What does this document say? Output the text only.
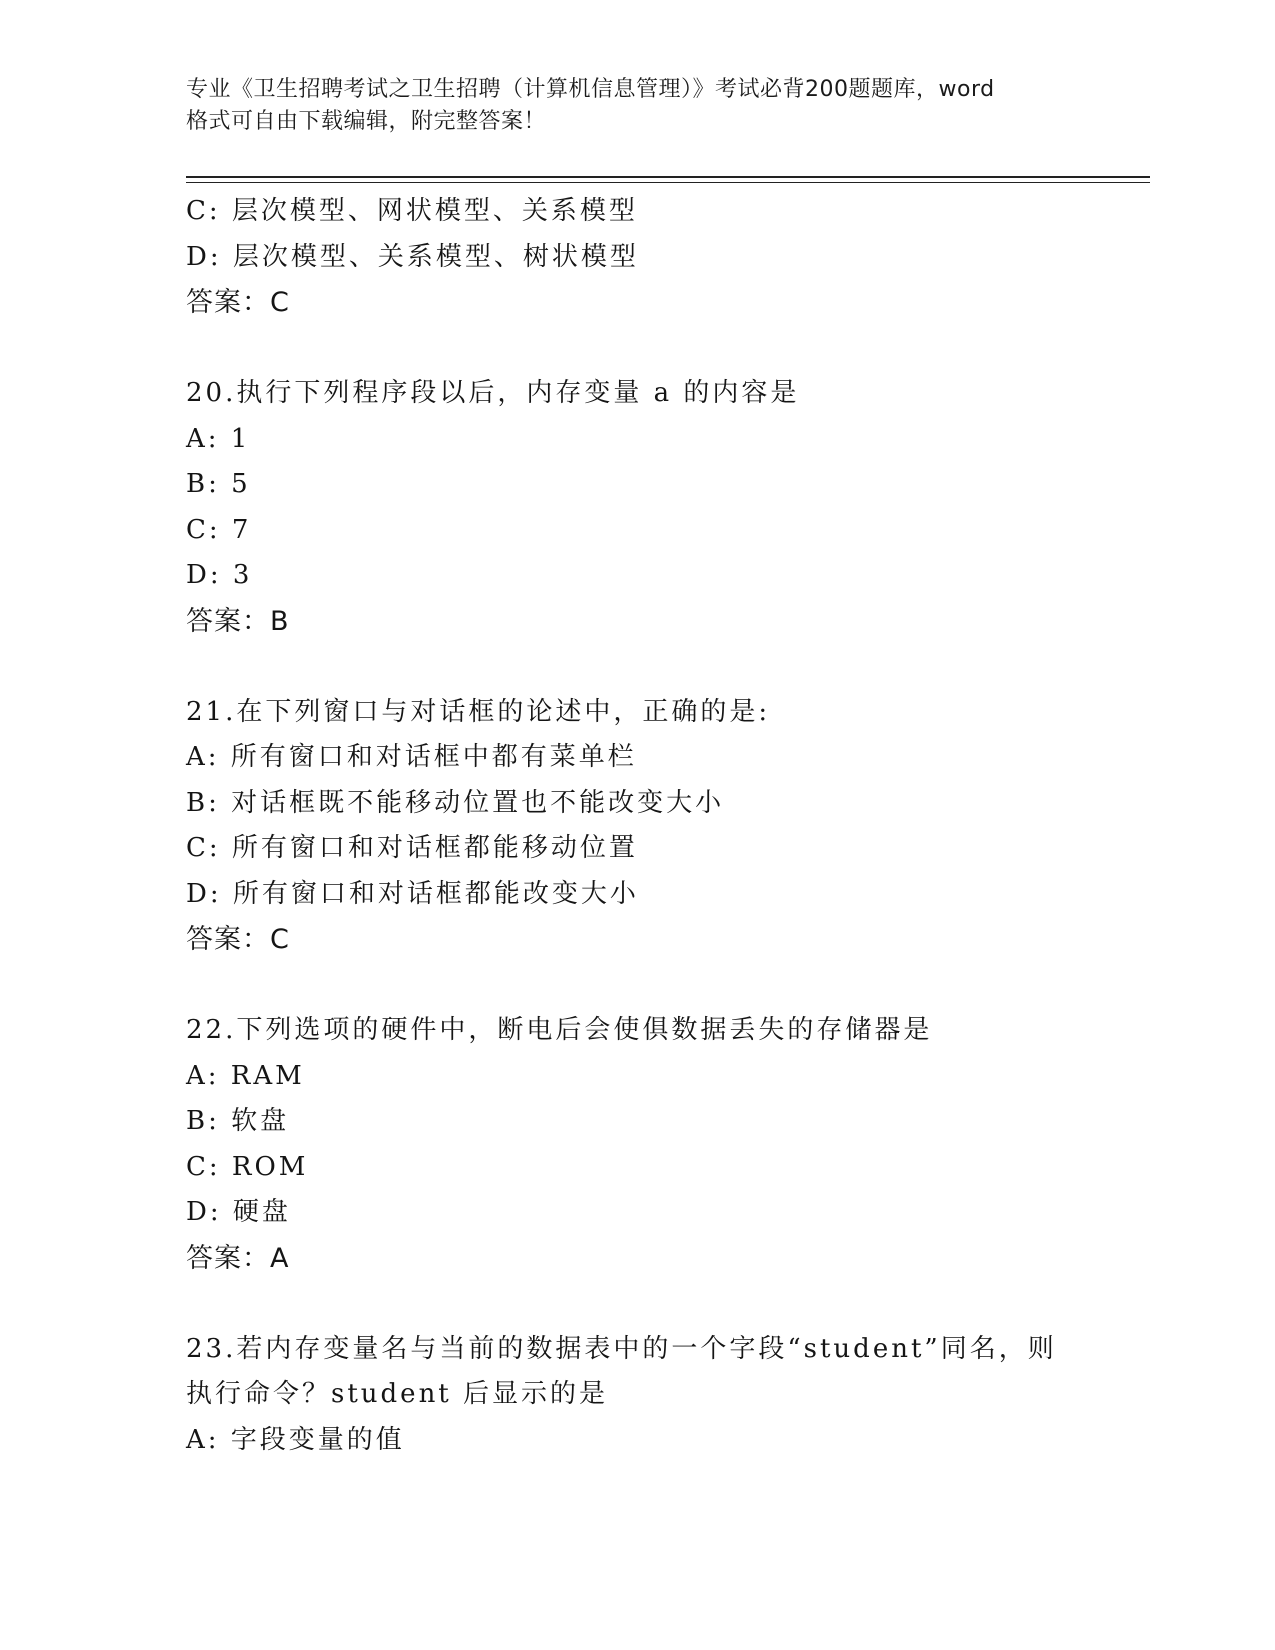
专业《卫生招聘考试之卫生招聘（计算机信息管理）》考试必背200题题库，word
格式可自由下载编辑，附完整答案！
C: 层次模型、网状模型、关系模型
D: 层次模型、关系模型、树状模型
答案：C
20.执行下列程序段以后，内存变量 a 的内容是
A: 1
B: 5
C: 7
D: 3
答案：B
21.在下列窗口与对话框的论述中，正确的是:
A: 所有窗口和对话框中都有菜单栏
B: 对话框既不能移动位置也不能改变大小
C: 所有窗口和对话框都能移动位置
D: 所有窗口和对话框都能改变大小
答案：C
22.下列选项的硬件中，断电后会使俱数据丢失的存储器是
A: RAM
B: 软盘
C: ROM
D: 硬盘
答案：A
23.若内存变量名与当前的数据表中的一个字段“student”同名，则
执行命令？student 后显示的是
A: 字段变量的值
